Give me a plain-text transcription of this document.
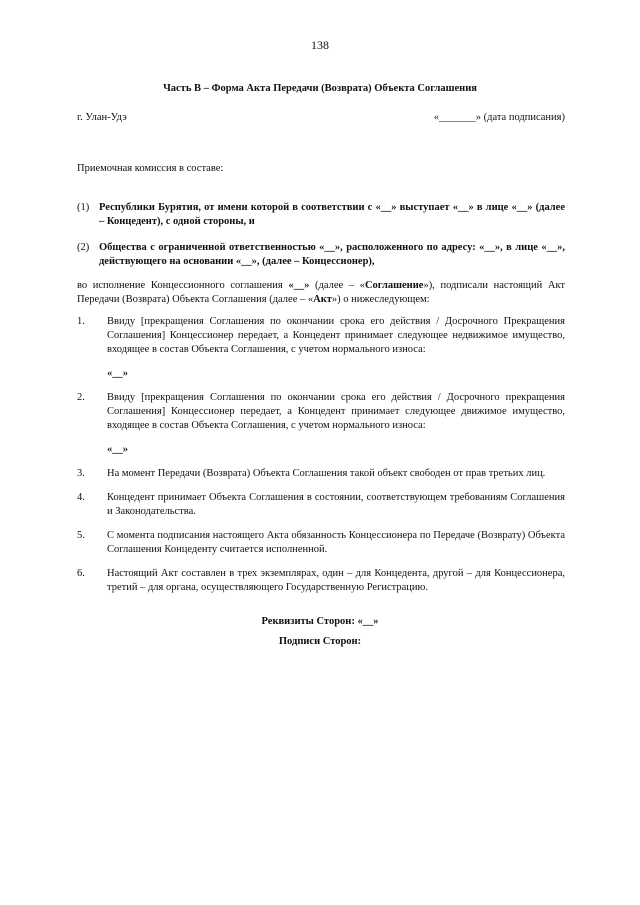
138
Часть В – Форма Акта Передачи (Возврата) Объекта Соглашения
г. Улан-Удэ	«_______» (дата подписания)
Приемочная комиссия в составе:
(1) Республики Бурятия, от имени которой в соответствии с «__» выступает «__» в лице «__» (далее – Концедент), с одной стороны, и
(2) Общества с ограниченной ответственностью «__», расположенного по адресу: «__», в лице «__», действующего на основании «__», (далее – Концессионер),
во исполнение Концессионного соглашения «__» (далее – «Соглашение»), подписали настоящий Акт Передачи (Возврата) Объекта Соглашения (далее – «Акт») о нижеследующем:
1.	Ввиду [прекращения Соглашения по окончании срока его действия / Досрочного Прекращения Соглашения] Концессионер передает, а Концедент принимает следующее недвижимое имущество, входящее в состав Объекта Соглашения, с учетом нормального износа:
«__»
2.	Ввиду [прекращения Соглашения по окончании срока его действия / Досрочного прекращения Соглашения] Концессионер передает, а Концедент принимает следующее движимое имущество, входящее в состав Объекта Соглашения, с учетом нормального износа:
«__»
3.	На момент Передачи (Возврата) Объекта Соглашения такой объект свободен от прав третьих лиц.
4.	Концедент принимает Объекта Соглашения в состоянии, соответствующем требованиям Соглашения и Законодательства.
5.	С момента подписания настоящего Акта обязанность Концессионера по Передаче (Возврату) Объекта Соглашения Концеденту считается исполненной.
6.	Настоящий Акт составлен в трех экземплярах, один – для Концедента, другой – для Концессионера, третий – для органа, осуществляющего Государственную Регистрацию.
Реквизиты Сторон: «__»
Подписи Сторон:
